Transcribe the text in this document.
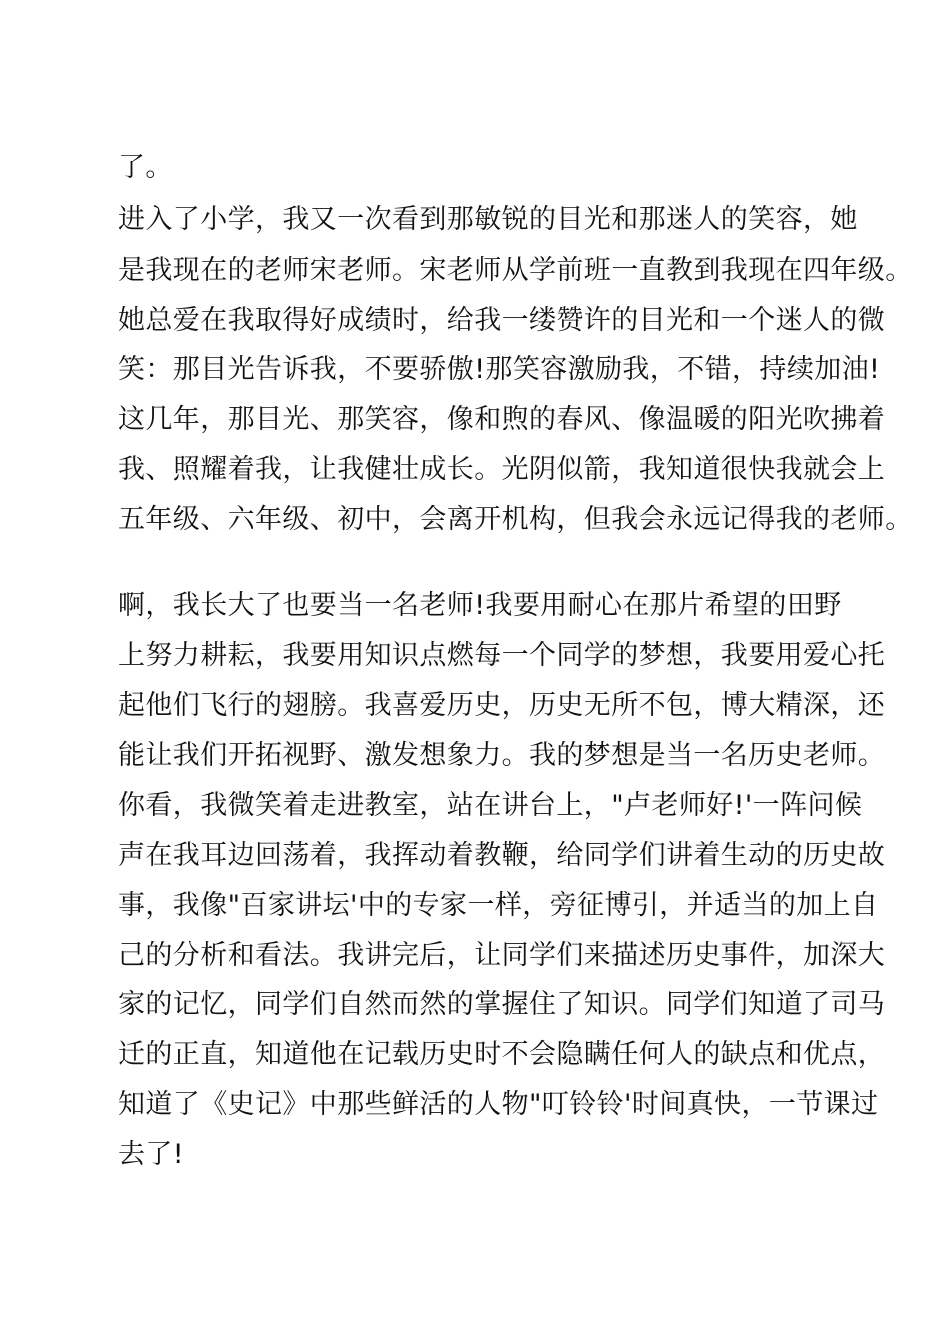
了。
进入了小学，我又一次看到那敏锐的目光和那迷人的笑容，她
是我现在的老师宋老师。宋老师从学前班一直教到我现在四年级。
她总爱在我取得好成绩时，给我一缕赞许的目光和一个迷人的微
笑：那目光告诉我，不要骄傲!那笑容激励我，不错，持续加油!
这几年，那目光、那笑容，像和煦的春风、像温暖的阳光吹拂着
我、照耀着我，让我健壮成长。光阴似箭，我知道很快我就会上
五年级、六年级、初中，会离开机构，但我会永远记得我的老师。
啊，我长大了也要当一名老师!我要用耐心在那片希望的田野
上努力耕耘，我要用知识点燃每一个同学的梦想，我要用爱心托
起他们飞行的翅膀。我喜爱历史，历史无所不包，博大精深，还
能让我们开拓视野、激发想象力。我的梦想是当一名历史老师。
你看，我微笑着走进教室，站在讲台上，"卢老师好!'一阵问候
声在我耳边回荡着，我挥动着教鞭，给同学们讲着生动的历史故
事，我像"百家讲坛'中的专家一样，旁征博引，并适当的加上自
己的分析和看法。我讲完后，让同学们来描述历史事件，加深大
家的记忆，同学们自然而然的掌握住了知识。同学们知道了司马
迁的正直，知道他在记载历史时不会隐瞒任何人的缺点和优点，
知道了《史记》中那些鲜活的人物"叮铃铃'时间真快，一节课过
去了!
